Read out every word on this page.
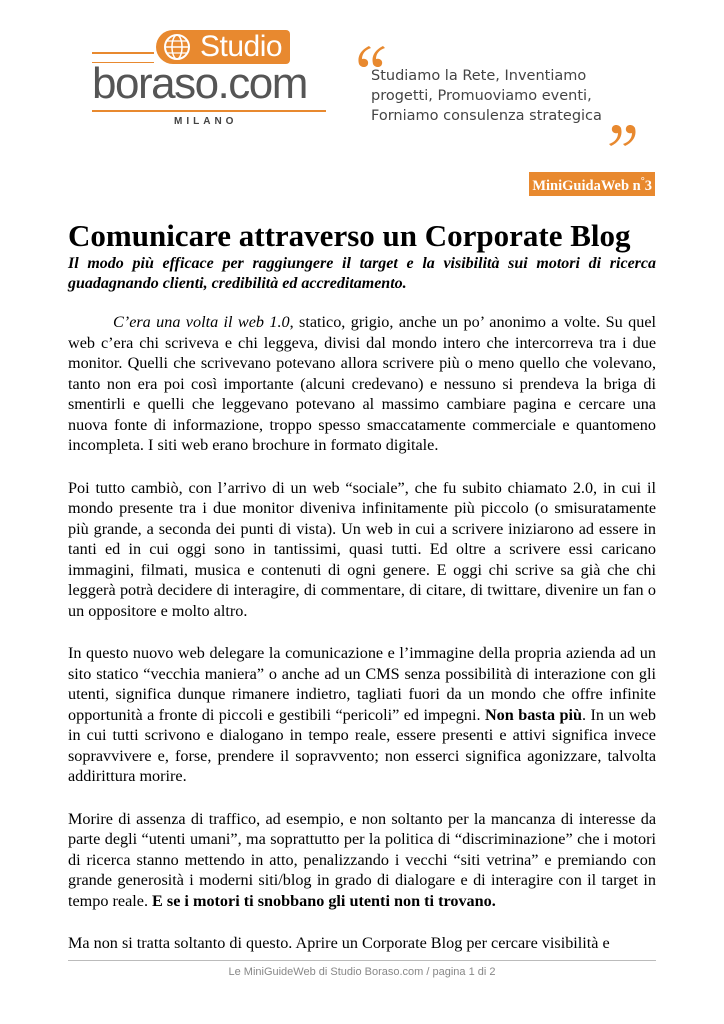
Studio
boraso.com
MILANO
Studiamo la Rete, Inventiamo
progetti, Promuoviamo eventi,
Forniamo consulenza strategica
MiniGuidaWeb n°3
Comunicare attraverso un Corporate Blog

Il modo più efficace per raggiungere il target e la visibilità sui motori di ricerca guadagnando clienti, credibilità ed accreditamento.

C’era una volta il web 1.0, statico, grigio, anche un po’ anonimo a volte. Su quel web c’era chi scriveva e chi leggeva, divisi dal mondo intero che intercorreva tra i due monitor. Quelli che scrivevano potevano allora scrivere più o meno quello che volevano, tanto non era poi così importante (alcuni credevano) e nessuno si prendeva la briga di smentirli e quelli che leggevano potevano al massimo cambiare pagina e cercare una nuova fonte di informazione, troppo spesso smaccatamente commerciale e quantomeno incompleta. I siti web erano brochure in formato digitale.

Poi tutto cambiò, con l’arrivo di un web “sociale”, che fu subito chiamato 2.0, in cui il mondo presente tra i due monitor diveniva infinitamente più piccolo (o smisuratamente più grande, a seconda dei punti di vista). Un web in cui a scrivere iniziarono ad essere in tanti ed in cui oggi sono in tantissimi, quasi tutti. Ed oltre a scrivere essi caricano immagini, filmati, musica e contenuti di ogni genere. E oggi chi scrive sa già che chi leggerà potrà decidere di interagire, di commentare, di citare, di twittare, divenire un fan o un oppositore e molto altro.

In questo nuovo web delegare la comunicazione e l’immagine della propria azienda ad un sito statico “vecchia maniera” o anche ad un CMS senza possibilità di interazione con gli utenti, significa dunque rimanere indietro, tagliati fuori da un mondo che offre infinite opportunità a fronte di piccoli e gestibili “pericoli” ed impegni. Non basta più. In un web in cui tutti scrivono e dialogano in tempo reale, essere presenti e attivi significa invece sopravvivere e, forse, prendere il sopravvento; non esserci significa agonizzare, talvolta addirittura morire.

Morire di assenza di traffico, ad esempio, e non soltanto per la mancanza di interesse da parte degli “utenti umani”, ma soprattutto per la politica di “discriminazione” che i motori di ricerca stanno mettendo in atto, penalizzando i vecchi “siti vetrina” e premiando con grande generosità i moderni siti/blog in grado di dialogare e di interagire con il target in tempo reale. E se i motori ti snobbano gli utenti non ti trovano.

Ma non si tratta soltanto di questo. Aprire un Corporate Blog per cercare visibilità e

Le MiniGuideWeb di Studio Boraso.com / pagina 1 di 2
